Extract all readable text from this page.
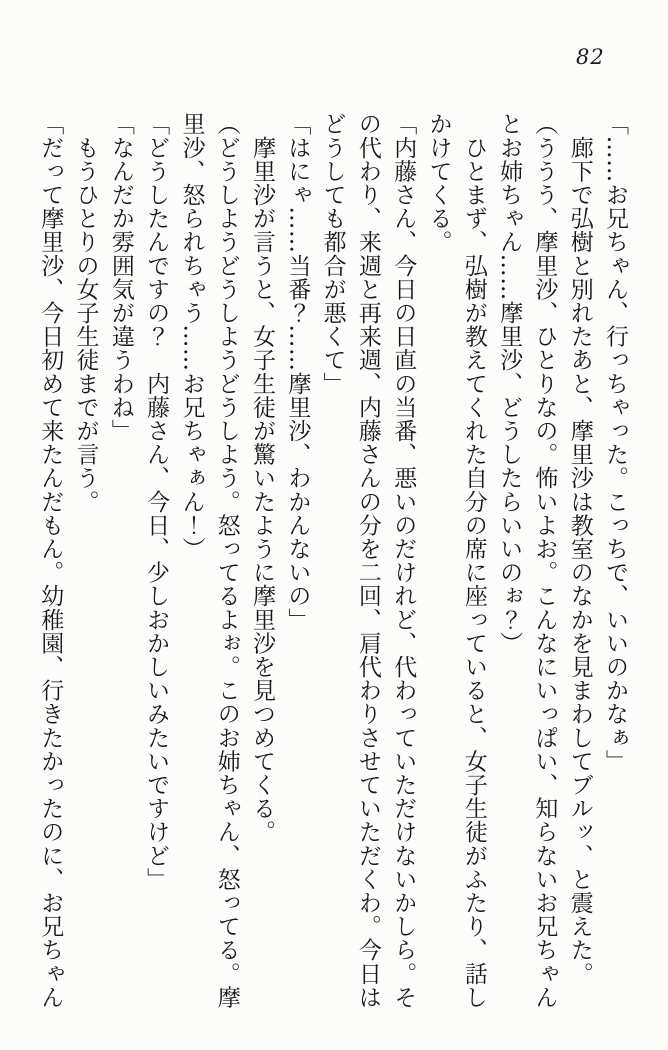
82
「……お兄ちゃん、行っちゃった。こっちで、いいのかなぁ」
　廊下で弘樹と別れたあと、摩里沙は教室のなかを見まわしてブルッ、と震えた。
（ううう、摩里沙、ひとりなの。怖いよお。こんなにいっぱい、知らないお兄ちゃん
とお姉ちゃん……摩里沙、どうしたらいいのぉ？）
　ひとまず、弘樹が教えてくれた自分の席に座っていると、女子生徒がふたり、話し
かけてくる。
「内藤さん、今日の日直の当番、悪いのだけれど、代わっていただけないかしら。そ
の代わり、来週と再来週、内藤さんの分を二回、肩代わりさせていただくわ。今日は
どうしても都合が悪くて」
「はにゃ……当番？……摩里沙、わかんないの」
　摩里沙が言うと、女子生徒が驚いたように摩里沙を見つめてくる。
（どうしようどうしようどうしよう。怒ってるよぉ。このお姉ちゃん、怒ってる。摩
里沙、怒られちゃう……お兄ちゃぁん！）
「どうしたんですの？　内藤さん、今日、少しおかしいみたいですけど」
「なんだか雰囲気が違うわね」
　もうひとりの女子生徒までが言う。
「だって摩里沙、今日初めて来たんだもん。幼稚園、行きたかったのに、お兄ちゃん
